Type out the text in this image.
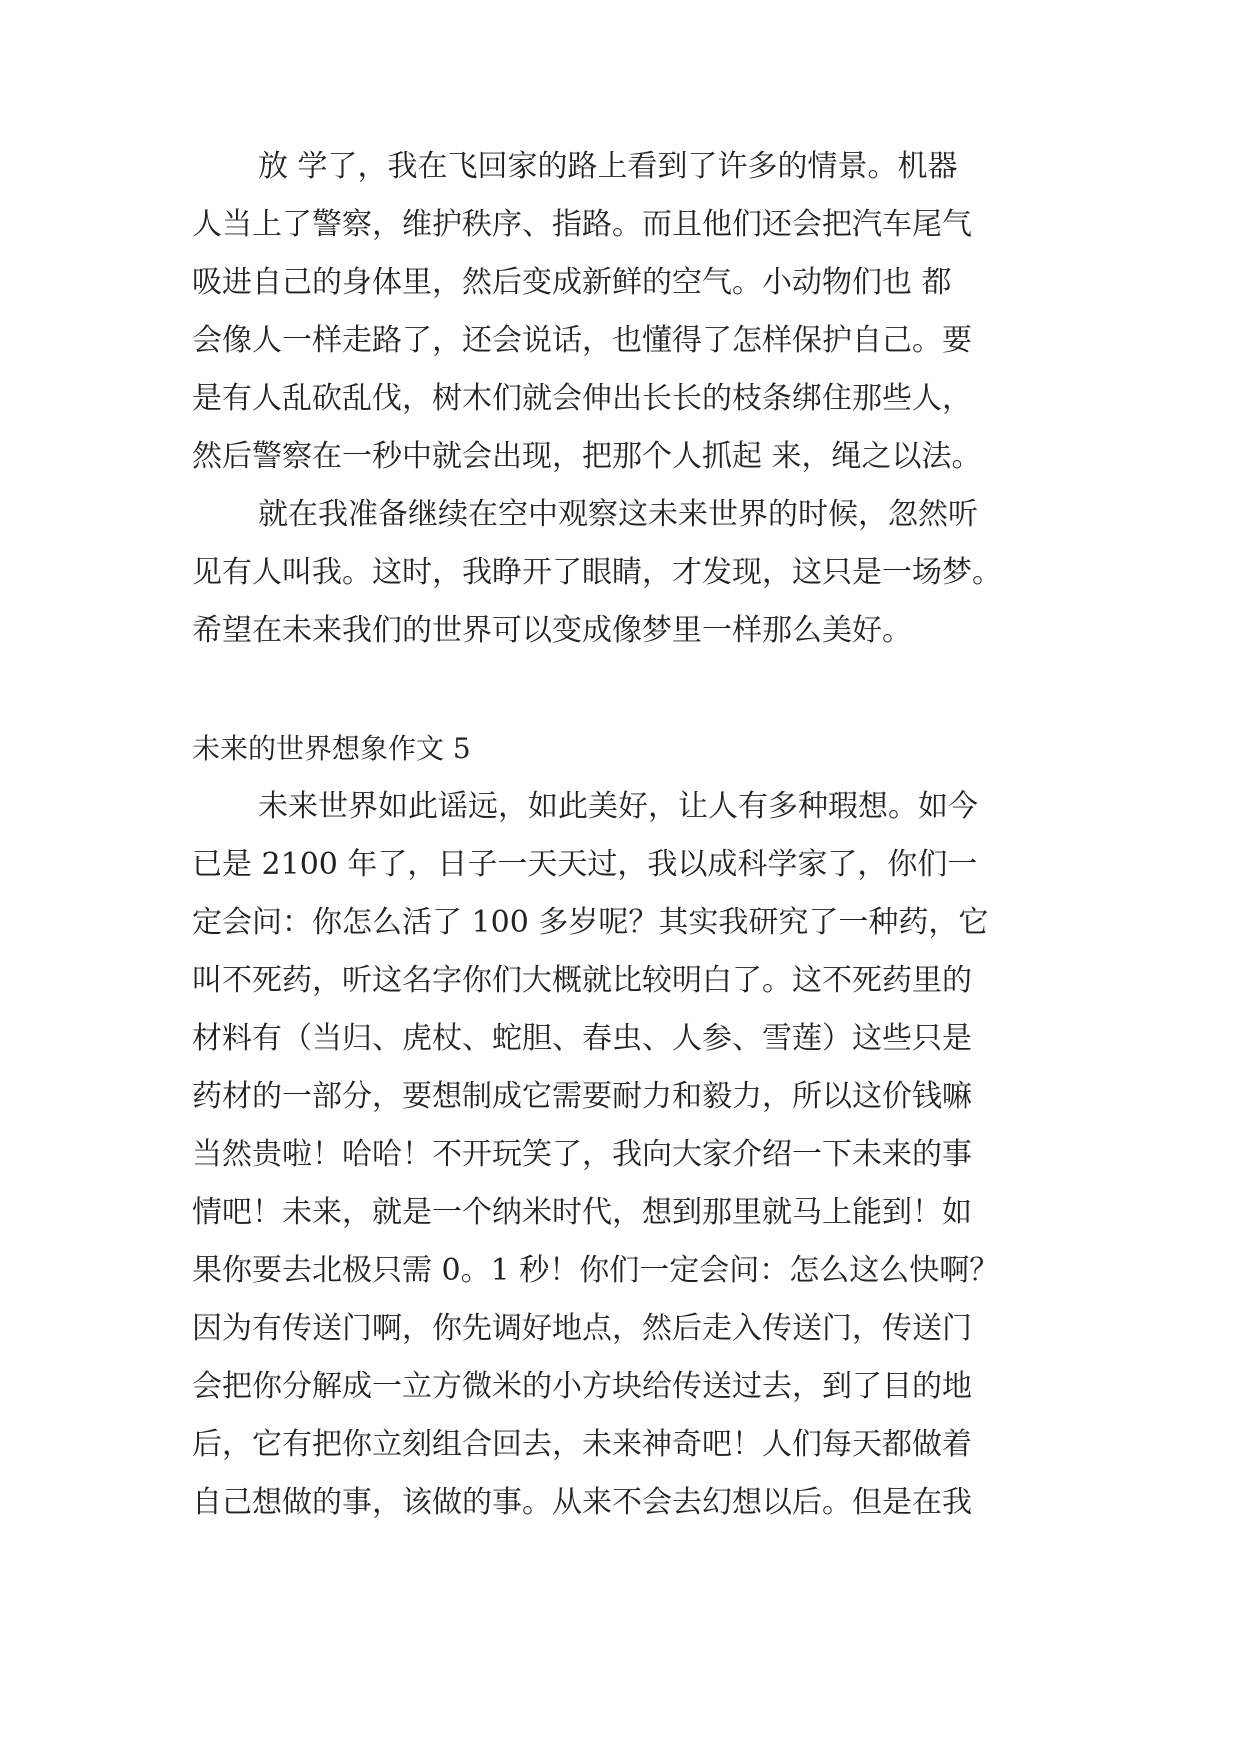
放 学了，我在飞回家的路上看到了许多的情景。机器
人当上了警察，维护秩序、指路。而且他们还会把汽车尾气
吸进自己的身体里，然后变成新鲜的空气。小动物们也 都
会像人一样走路了，还会说话，也懂得了怎样保护自己。要
是有人乱砍乱伐，树木们就会伸出长长的枝条绑住那些人，
然后警察在一秒中就会出现，把那个人抓起 来，绳之以法。
就在我准备继续在空中观察这未来世界的时候，忽然听
见有人叫我。这时，我睁开了眼睛，才发现，这只是一场梦。
希望在未来我们的世界可以变成像梦里一样那么美好。
未来的世界想象作文 5
未来世界如此谣远，如此美好，让人有多种瑕想。如今
已是 2100 年了，日子一天天过，我以成科学家了，你们一
定会问：你怎么活了 100 多岁呢？其实我研究了一种药，它
叫不死药，听这名字你们大概就比较明白了。这不死药里的
材料有（当归、虎杖、蛇胆、春虫、人参、雪莲）这些只是
药材的一部分，要想制成它需要耐力和毅力，所以这价钱嘛
当然贵啦！哈哈！不开玩笑了，我向大家介绍一下未来的事
情吧！未来，就是一个纳米时代，想到那里就马上能到！如
果你要去北极只需 0。1 秒！你们一定会问：怎么这么快啊？
因为有传送门啊，你先调好地点，然后走入传送门，传送门
会把你分解成一立方微米的小方块给传送过去，到了目的地
后，它有把你立刻组合回去，未来神奇吧！人们每天都做着
自己想做的事，该做的事。从来不会去幻想以后。但是在我
